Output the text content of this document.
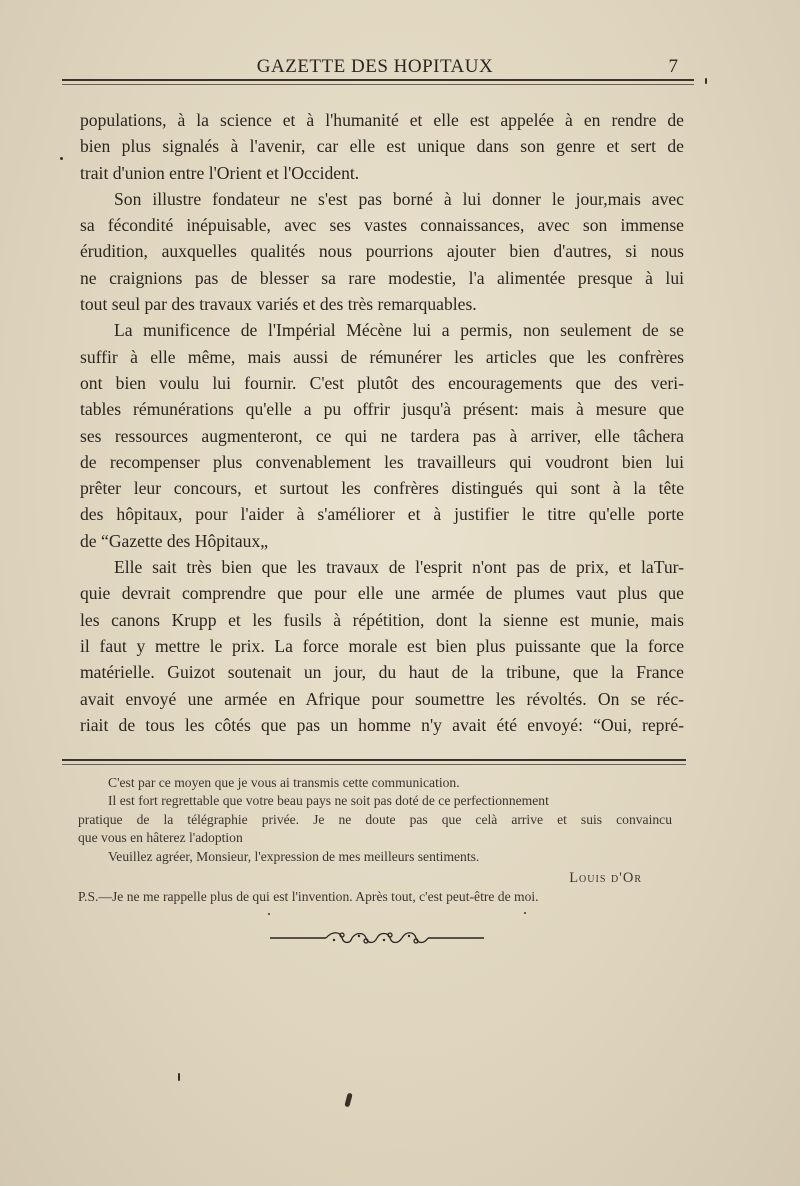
GAZETTE DES HOPITAUX	7
populations, à la science et à l'humanité et elle est appelée à en rendre de
bien plus signalés à l'avenir, car elle est unique dans son genre et sert de
trait d'union entre l'Orient et l'Occident.
Son illustre fondateur ne s'est pas borné à lui donner le jour,mais avec
sa fécondité inépuisable, avec ses vastes connaissances, avec son immense
érudition, auxquelles qualités nous pourrions ajouter bien d'autres, si nous
ne craignions pas de blesser sa rare modestie, l'a alimentée presque à lui
tout seul par des travaux variés et des très remarquables.
La munificence de l'Impérial Mécène lui a permis, non seulement de se
suffir à elle même, mais aussi de rémunérer les articles que les confrères
ont bien voulu lui fournir. C'est plutôt des encouragements que des veri-
tables rémunérations qu'elle a pu offrir jusqu'à présent: mais à mesure que
ses ressources augmenteront, ce qui ne tardera pas à arriver, elle tâchera
de recompenser plus convenablement les travailleurs qui voudront bien lui
prêter leur concours, et surtout les confrères distingués qui sont à la tête
des hôpitaux, pour l'aider à s'améliorer et à justifier le titre qu'elle porte
de “Gazette des Hôpitaux„
Elle sait très bien que les travaux de l'esprit n'ont pas de prix, et laTur-
quie devrait comprendre que pour elle une armée de plumes vaut plus que
les canons Krupp et les fusils à répétition, dont la sienne est munie, mais
il faut y mettre le prix. La force morale est bien plus puissante que la force
matérielle. Guizot soutenait un jour, du haut de la tribune, que la France
avait envoyé une armée en Afrique pour soumettre les révoltés. On se réc-
riait de tous les côtés que pas un homme n'y avait été envoyé: “Oui, repré-
C'est par ce moyen que je vous ai transmis cette communication.
Il est fort regrettable que votre beau pays ne soit pas doté de ce perfectionnement
pratique de la télégraphie privée. Je ne doute pas que celà arrive et suis convaincu
que vous en hâterez l'adoption
Veuillez agréer, Monsieur, l'expression de mes meilleurs sentiments.
Louis d'Or
P.S.—Je ne me rappelle plus de qui est l'invention. Après tout, c'est peut-être de moi.
